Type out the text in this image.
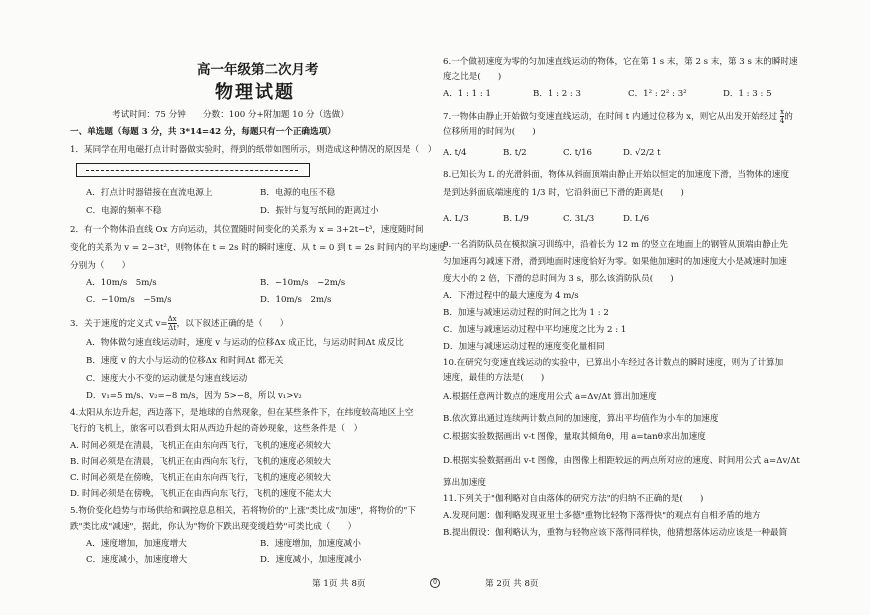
高一年级第二次月考
物理试题
考试时间：75 分钟　　分数：100 分+附加题 10 分（选做）
一、单选题（每题 3 分，共 3*14=42 分，每题只有一个正确选项）
1．某同学在用电磁打点计时器做实验时，得到的纸带如图所示，则造成这种情况的原因是（　）
A．打点计时器错接在直流电源上	B．电源的电压不稳
C．电源的频率不稳	D．振针与复写纸间的距离过小
2．有一个物体沿直线 Ox 方向运动，其位置随时间变化的关系为 x = 3+2t−t³，速度随时间
变化的关系为 v = 2−3t²，则物体在 t = 2s 时的瞬时速度、从 t = 0 到 t = 2s 时间内的平均速度
分别为（　　）
A．10m/s　5m/s	B．−10m/s　−2m/s
C．−10m/s　−5m/s	D．10m/s　2m/s
3．关于速度的定义式 $v= \frac{\Delta x}{\Delta t}$ ，以下叙述正确的是（　　）
A．物体做匀速直线运动时，速度 v 与运动的位移Δx 成正比，与运动时间Δt 成反比
B．速度 v 的大小与运动的位移Δx 和时间Δt 都无关
C．速度大小不变的运动就是匀速直线运动
D．v₁=5 m/s、v₂=−8 m/s，因为 5>−8，所以 v₁>v₂
4.太阳从东边升起，西边落下，是地球的自然现象，但在某些条件下，在纬度较高地区上空
飞行的飞机上，旅客可以看到太阳从西边升起的奇妙现象，这些条件是（　）
A. 时间必须是在清晨，飞机正在由东向西飞行，飞机的速度必须较大
B. 时间必须是在清晨，飞机正在由西向东飞行，飞机的速度必须较大
C. 时间必须是在傍晚，飞机正在由东向西飞行，飞机的速度必须较大
D. 时间必须是在傍晚，飞机正在由西向东飞行，飞机的速度不能太大
5.物价变化趋势与市场供给和调控息息相关，若将物价的"上涨"类比成"加速"，将物价的"下
跌"类比成"减速"，据此，你认为"物价下跌出现变缓趋势"可类比成（　　）
A．速度增加，加速度增大	B．速度增加，加速度减小
C．速度减小，加速度增大	D．速度减小，加速度减小
第 1页 共 8页	0	第 2页 共 8页
6.一个做初速度为零的匀加速直线运动的物体，它在第 1 s 末，第 2 s 末，第 3 s 末的瞬时速
度之比是(　　)
A．1 : 1 : 1	B．1 : 2 : 3	C．1² : 2² : 3²	D．1 : 3 : 5
7.一物体由静止开始做匀变速直线运动，在时间 t 内通过位移为 x，则它从出发开始经过 $\frac{x}{4}$ 的
位移所用的时间为(　　)
A. t/4	B. t/2	C. t/16	D. √2/2 t
8.已知长为 L 的光滑斜面，物体从斜面顶端由静止开始以恒定的加速度下滑，当物体的速度
是到达斜面底端速度的 1/3 时，它沿斜面已下滑的距离是(　　)
A. L/3	B. L/9	C. 3L/3	D. L/6
9.一名消防队员在模拟演习训练中，沿着长为 12 m 的竖立在地面上的钢管从顶端由静止先
匀加速再匀减速下滑，滑到地面时速度恰好为零。如果他加速时的加速度大小是减速时加速
度大小的 2 倍，下滑的总时间为 3 s，那么该消防队员(　　)
A．下滑过程中的最大速度为 4 m/s
B．加速与减速运动过程的时间之比为 1 : 2
C．加速与减速运动过程中平均速度之比为 2 : 1
D．加速与减速运动过程的速度变化量相同
10.在研究匀变速直线运动的实验中，已算出小车经过各计数点的瞬时速度，则为了计算加
速度，最佳的方法是(　　)
A.根据任意两计数点的速度用公式 a=Δv/Δt 算出加速度
B.依次算出通过连续两计数点间的加速度，算出平均值作为小车的加速度
C.根据实验数据画出 v-t 图像，量取其倾角θ，用 a=tanθ求出加速度
D.根据实验数据画出 v-t 图像，由图像上相距较远的两点所对应的速度、时间用公式 a=Δv/Δt
算出加速度
11.下列关于"伽利略对自由落体的研究方法"的归纳不正确的是(　　)
A.发现问题：伽利略发现亚里士多德"重物比轻物下落得快"的观点有自相矛盾的地方
B.提出假设：伽利略认为，重物与轻物应该下落得同样快，他猜想落体运动应该是一种最简
